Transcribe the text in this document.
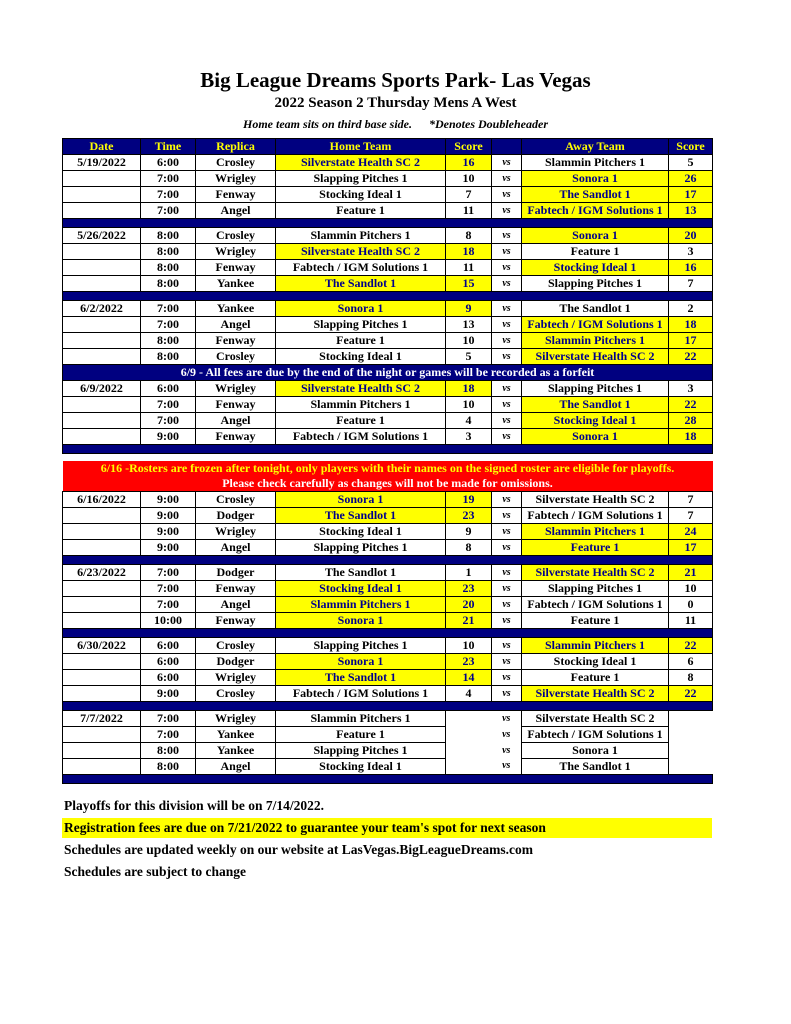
Big League Dreams Sports Park- Las Vegas
2022 Season 2 Thursday Mens A West
Home team sits on third base side. *Denotes Doubleheader
Date	Time	Replica	Home Team	Score		Away Team	Score
5/19/2022	6:00	Crosley	Silverstate Health SC 2	16	vs	Slammin Pitchers 1	5
	7:00	Wrigley	Slapping Pitches 1	10	vs	Sonora 1	26
	7:00	Fenway	Stocking Ideal 1	7	vs	The Sandlot 1	17
	7:00	Angel	Feature 1	11	vs	Fabtech / IGM Solutions 1	13

5/26/2022	8:00	Crosley	Slammin Pitchers 1	8	vs	Sonora 1	20
	8:00	Wrigley	Silverstate Health SC 2	18	vs	Feature 1	3
	8:00	Fenway	Fabtech / IGM Solutions 1	11	vs	Stocking Ideal 1	16
	8:00	Yankee	The Sandlot 1	15	vs	Slapping Pitches 1	7

6/2/2022	7:00	Yankee	Sonora 1	9	vs	The Sandlot 1	2
	7:00	Angel	Slapping Pitches 1	13	vs	Fabtech / IGM Solutions 1	18
	8:00	Fenway	Feature 1	10	vs	Slammin Pitchers 1	17
	8:00	Crosley	Stocking Ideal 1	5	vs	Silverstate Health SC 2	22
6/9 - All fees are due by the end of the night or games will be recorded as a forfeit							
6/9/2022	6:00	Wrigley	Silverstate Health SC 2	18	vs	Slapping Pitches 1	3
	7:00	Fenway	Slammin Pitchers 1	10	vs	The Sandlot 1	22
	7:00	Angel	Feature 1	4	vs	Stocking Ideal 1	28
	9:00	Fenway	Fabtech / IGM Solutions 1	3	vs	Sonora 1	18

6/16 -Rosters are frozen after tonight, only players with their names on the signed roster are eligible for playoffs.
Please check carefully as changes will not be made for omissions.							

6/16/2022	9:00	Crosley	Sonora 1	19	vs	Silverstate Health SC 2	7
	9:00	Dodger	The Sandlot 1	23	vs	Fabtech / IGM Solutions 1	7
	9:00	Wrigley	Stocking Ideal 1	9	vs	Slammin Pitchers 1	24
	9:00	Angel	Slapping Pitches 1	8	vs	Feature 1	17

6/23/2022	7:00	Dodger	The Sandlot 1	1	vs	Silverstate Health SC 2	21
	7:00	Fenway	Stocking Ideal 1	23	vs	Slapping Pitches 1	10
	7:00	Angel	Slammin Pitchers 1	20	vs	Fabtech / IGM Solutions 1	0
	10:00	Fenway	Sonora 1	21	vs	Feature 1	11

6/30/2022	6:00	Crosley	Slapping Pitches 1	10	vs	Slammin Pitchers 1	22
	6:00	Dodger	Sonora 1	23	vs	Stocking Ideal 1	6
	6:00	Wrigley	The Sandlot 1	14	vs	Feature 1	8
	9:00	Crosley	Fabtech / IGM Solutions 1	4	vs	Silverstate Health SC 2	22

7/7/2022	7:00	Wrigley	Slammin Pitchers 1		vs	Silverstate Health SC 2	
	7:00	Yankee	Feature 1		vs	Fabtech / IGM Solutions 1	
	8:00	Yankee	Slapping Pitches 1		vs	Sonora 1	
	8:00	Angel	Stocking Ideal 1		vs	The Sandlot 1	

Playoffs for this division will be on 7/14/2022.
Registration fees are due on 7/21/2022 to guarantee your team's spot for next season
Schedules are updated weekly on our website at LasVegas.BigLeagueDreams.com
Schedules are subject to change
